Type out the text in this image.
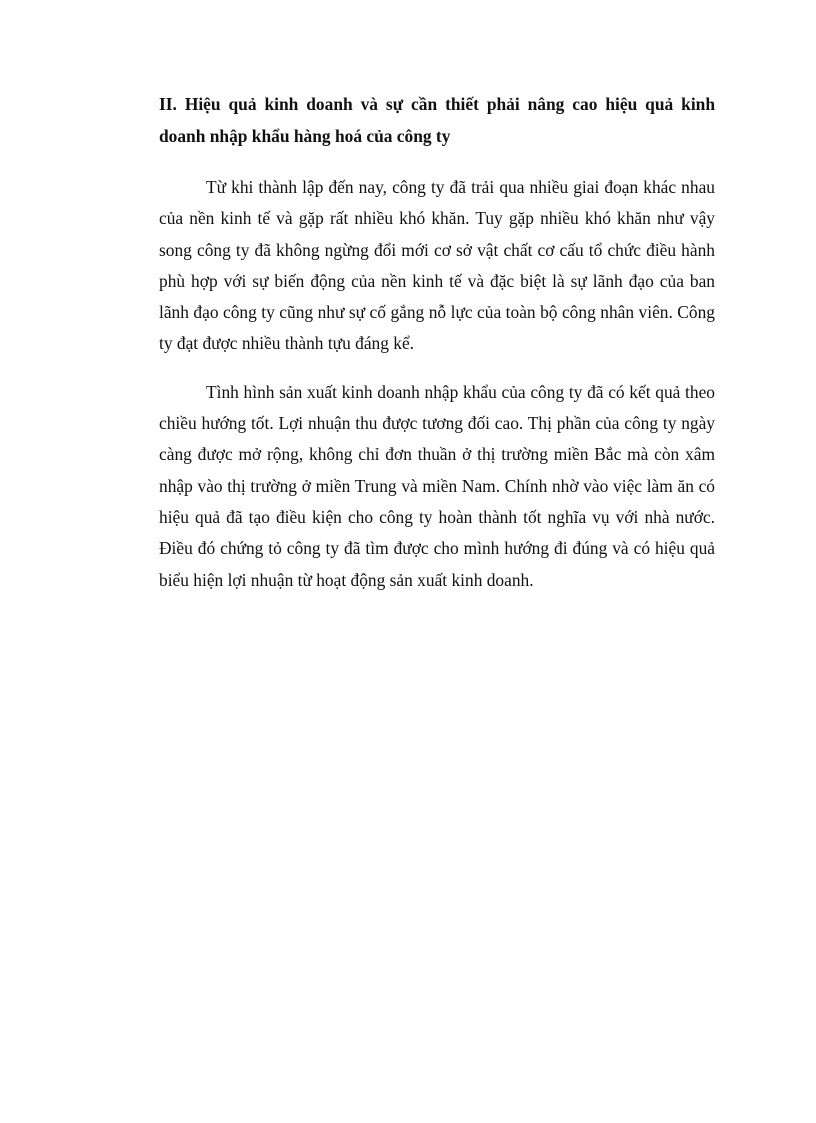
II. Hiệu quả kinh doanh và sự cần thiết phải nâng cao hiệu quả kinh doanh nhập khẩu hàng hoá của công ty

Từ khi thành lập đến nay, công ty đã trải qua nhiều giai đoạn khác nhau của nền kinh tế và gặp rất nhiều khó khăn. Tuy gặp nhiều khó khăn như vậy song công ty đã không ngừng đổi mới cơ sở vật chất cơ cấu tổ chức điều hành phù hợp với sự biến động của nền kinh tế và đặc biệt là sự lãnh đạo của ban lãnh đạo công ty cũng như sự cố gắng nỗ lực của toàn bộ công nhân viên. Công ty đạt được nhiều thành tựu đáng kể.

Tình hình sản xuất kinh doanh nhập khẩu của công ty đã có kết quả theo chiều hướng tốt. Lợi nhuận thu được tương đối cao. Thị phần của công ty ngày càng được mở rộng, không chỉ đơn thuần ở thị trường miền Bắc mà còn xâm nhập vào thị trường ở miền Trung và miền Nam. Chính nhờ vào việc làm ăn có hiệu quả đã tạo điều kiện cho công ty hoàn thành tốt nghĩa vụ với nhà nước. Điều đó chứng tỏ công ty đã tìm được cho mình hướng đi đúng và có hiệu quả biểu hiện lợi nhuận từ hoạt động sản xuất kinh doanh.
